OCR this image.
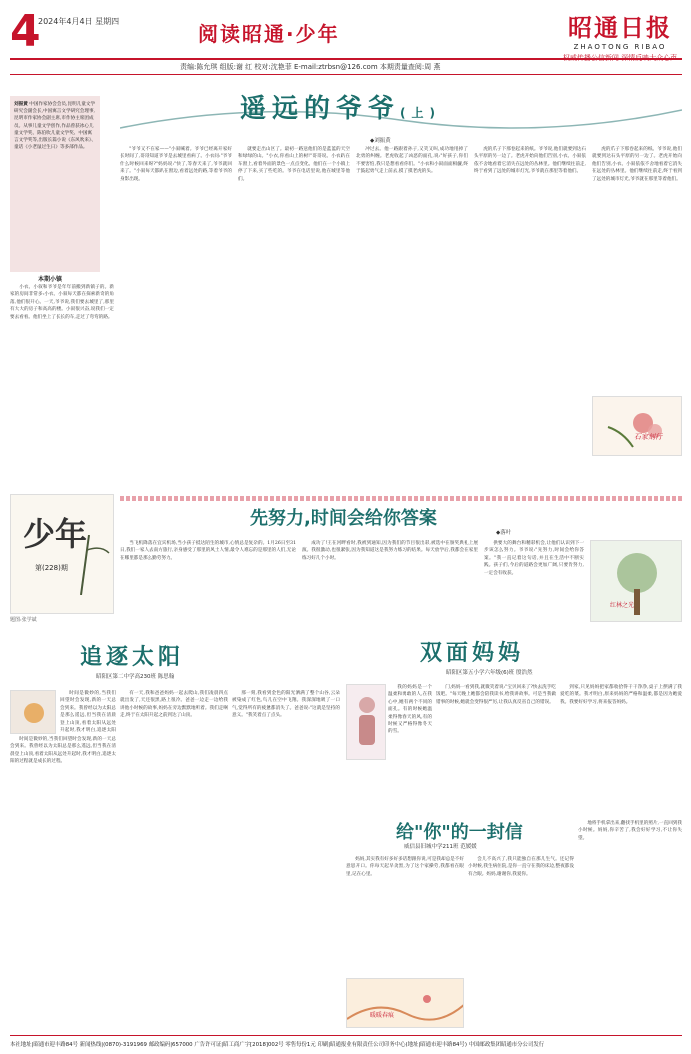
4
2024年4月4日 星期四
阅读昭通·少年	昭通日报
ZHAOTONG RIBAO
责编:陈允琪 组版:谢 红 校对:沈艳菲 E-mail:ztrbsn@126.com 本期责量查阅:周 燕
刘振黄 中国作家协会会员,昆明儿童文学研究会副会长,中国寓言文学研究会理事,昆明市作家协会副主席,市作协主席团成员。从事儿童文学创作,作品曾获冰心儿童文学奖、陈伯吹儿童文学奖、中国寓言文学奖等,出版长篇小说《东风吹来》、童话《小老鼠过生日》等多部作品。
遥远的爷爷(上)
◆刘振黄
本期小镇

小衣、小叙和爷爷是年年前搬到新镇子的。新家的房间非常多:小衣、小叙每天都在探索新奇的角落,他们很开心。一天,爷爷说,我们要去城里了,那里有大大的房子和高高的楼。小叙很兴奋,说我们一定要去看看。他们坐上了长长的车,走过了弯弯的路。

"爷爷又不在家——"小叙喊着。爷爷已经离开家好长时间了,哥哥知道爷爷是去城里看病了。小衣问:"爷爷什么时候回来呀?"妈妈说:"快了,等春天来了,爷爷就回来了。"小叙每天都趴在窗边,看着远处的路,等着爷爷的身影出现。

就要走出山区了。最初一路送他们的是蓝蓝的天空和绿绿的山。"小衣,你看山上的树!"哥哥说。小衣趴在车窗上,看着外面的景色一点点变化。他们在一个小镇上停了下来,买了些吃的。爷爷在电话里说,他在城里等他们。

冲过去。他一路跟着孙子,又笑又叫,成功地甩掉了北勇的纠缠。老虎收起了凶恶的面孔,说:"好孩子,你们不要害怕,我只是想看看你们。"小衣和小叙面面相觑,终于鼓起勇气走上前去,摸了摸老虎的头。

虎的爪子下那卷起来的纸。爷爷说,他们就要到达石头平原的另一边了。老虎开始向他们告别,小衣、小叙依依不舍地看着它消失在远处的丛林里。他们继续往前走,终于看到了远处的城市灯光,爷爷就在那里等着他们。

虎的爪子下那卷起来的纸。爷爷说,他们就要到达石头平原的另一边了。老虎开始向他们告别,小衣、小叙依依不舍地看着它消失在远处的丛林里。他们继续往前走,终于看到了远处的城市灯光,爷爷就在那里等着他们。

石家刻行
少年
第(228)期
题图:张学斌
先努力,时间会给你答案
◆落叶

当飞机降落在宜宾机场,当小孩子抵达陌生的城市,心情总是复杂的。1月26日至31日,我们一家人去南方旅行,亲身感受了那里的风土人情,最令人难忘的是那里的人们,无论在哪里都是那么勤劳努力。

成功了!王在河畔看时,我被到通知,因为我们的节目很出彩,被选中在颁奖典礼上展演。我很激动,也很紧张,因为我知道这是我努力练习的结果。每天放学后,我都会在家里练习好几个小时。

供要大的舞台和精彩机会,让他们认识到下一步该怎么努力。爷爷说:"先努力,时间会给你答案。"我一直记着这句话,并且在生活中不断实践。孩子们,今后的道路会更加广阔,只要肯努力,一定会有收获。

红林之光
追逐太阳
昭阳区第二中学高230班 陈思翰

时间是微妙的,当我们回望时会发现,新的一天总会到来。我曾经以为太阳总是那么遥远,但当我在清晨登上山顶,看着太阳从远处升起时,我才明白,追逐太阳

时间是微妙的,当我们回望时会发现,新的一天总会到来。我曾经以为太阳总是那么遥远,但当我在清晨登上山顶,看着太阳从远处升起时,我才明白,追逐太阳的过程就是成长的过程。

有一天,我和爸爸妈妈一起去爬山,我们凌晨四点就出发了,天还很黑,路上很冷。爸爸一边走一边给我讲他小时候的故事,妈妈在旁边默默地听着。我们走啊走,终于在太阳升起之前到达了山顶。

那一刻,我看到金色的阳光洒满了整个山谷,云朵被染成了红色,鸟儿在空中飞翔。我深深地吸了一口气,觉得所有的疲惫都消失了。爸爸说:"这就是坚持的意义。"我笑着点了点头。

双面妈妈
昭阳区第五小学六年级(6)班 殷浩然

我的妈妈是一个温柔和勇敢的人,在我心中,她有两个不同的面孔。有的时候她温柔得像春天的风,有的时候又严格得像冬天的雪。

门,妈妈一看到我,就微笑着说:"宝贝回来了?快去洗手吃饭吧。"每天晚上她都会陪我读书,给我讲故事。可是当我做错事的时候,她就会变得很严厉,让我认真反省自己的错误。

到家,只见妈妈把家都收拾得干干净净,桌子上摆满了我爱吃的菜。我才明白,原来妈妈的严格和温柔,都是因为她爱我。我要好好学习,将来报答妈妈。

给"你"的一封信
威信县旧城中学211班 范媛媛

妈妈,其实我有好多好多话想跟你说,可是我却总是不好意思开口。你每天起早贪黑,为了这个家操劳,我都看在眼里,记在心里。

会儿不高兴了,我只能独自在那儿生气。还记得小时候,我生病住院,是你一直守在我的床边,整夜都没有合眼。妈妈,谢谢你,我爱你。

地将手机拿出来,翻找手机里的照片,一直回到我小时候。妈妈,你辛苦了,我会好好学习,不让你失望。

暖暖春痕
本社地址|昭通市迎丰路84号 新闻热线|(0870)-3191969 邮政编码|657000 广告许可证|昭工商广字[2018]002号 零售每份1元 印刷|昭通报业有限责任公司印务中心(地址|昭通市迎丰路84号) 中国邮政集团昭通市分公司发行
